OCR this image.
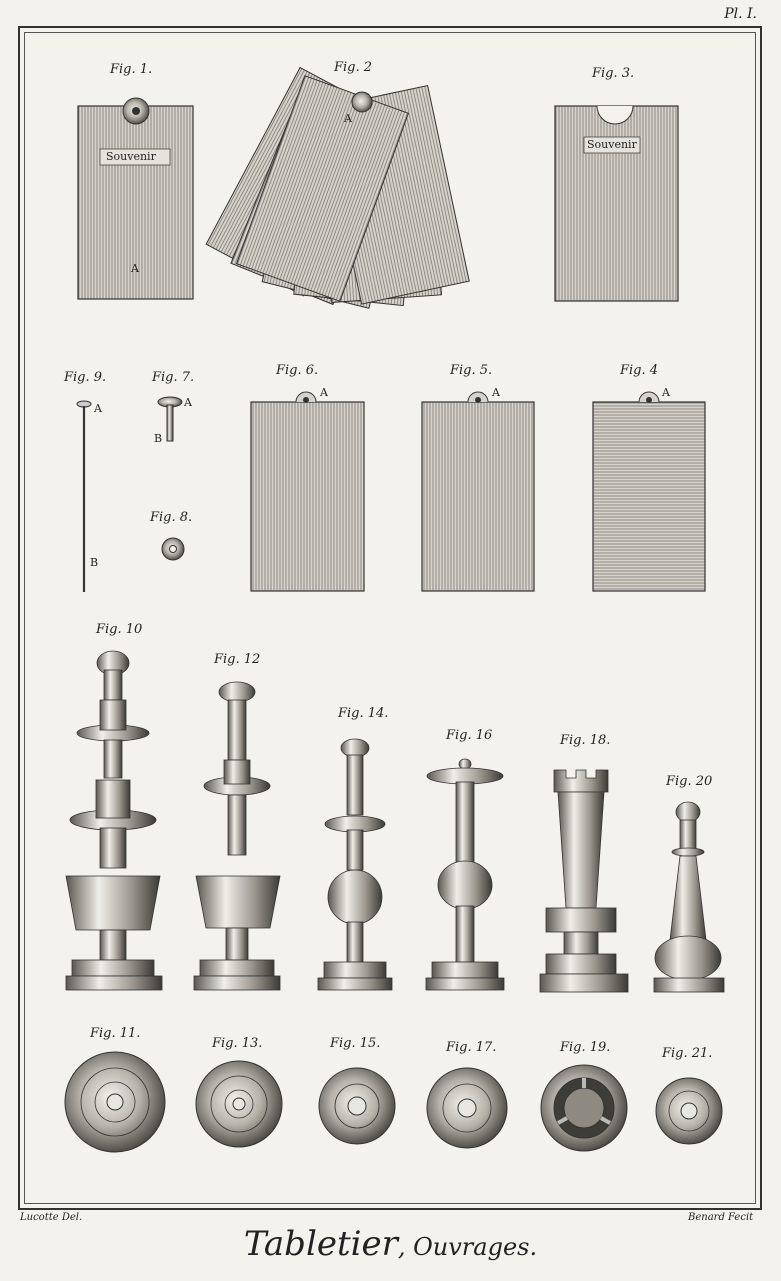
Pl. I.
Fig. 1.	Fig. 2	Fig. 3.
Fig. 9.	Fig. 7.	Fig. 6.	Fig. 5.	Fig. 4
Fig. 8.
Fig. 10
Fig. 12
Fig. 14.
Fig. 16	Fig. 18.
Fig. 20
Fig. 11.
Fig. 13.	Fig. 15.	Fig. 17.	Fig. 19.	Fig. 21.
Souvenir
Souvenir
A
A
A
B
A
B
A	A	A
Lucotte Del.	Benard Fecit
Tabletier, Ouvrages.
